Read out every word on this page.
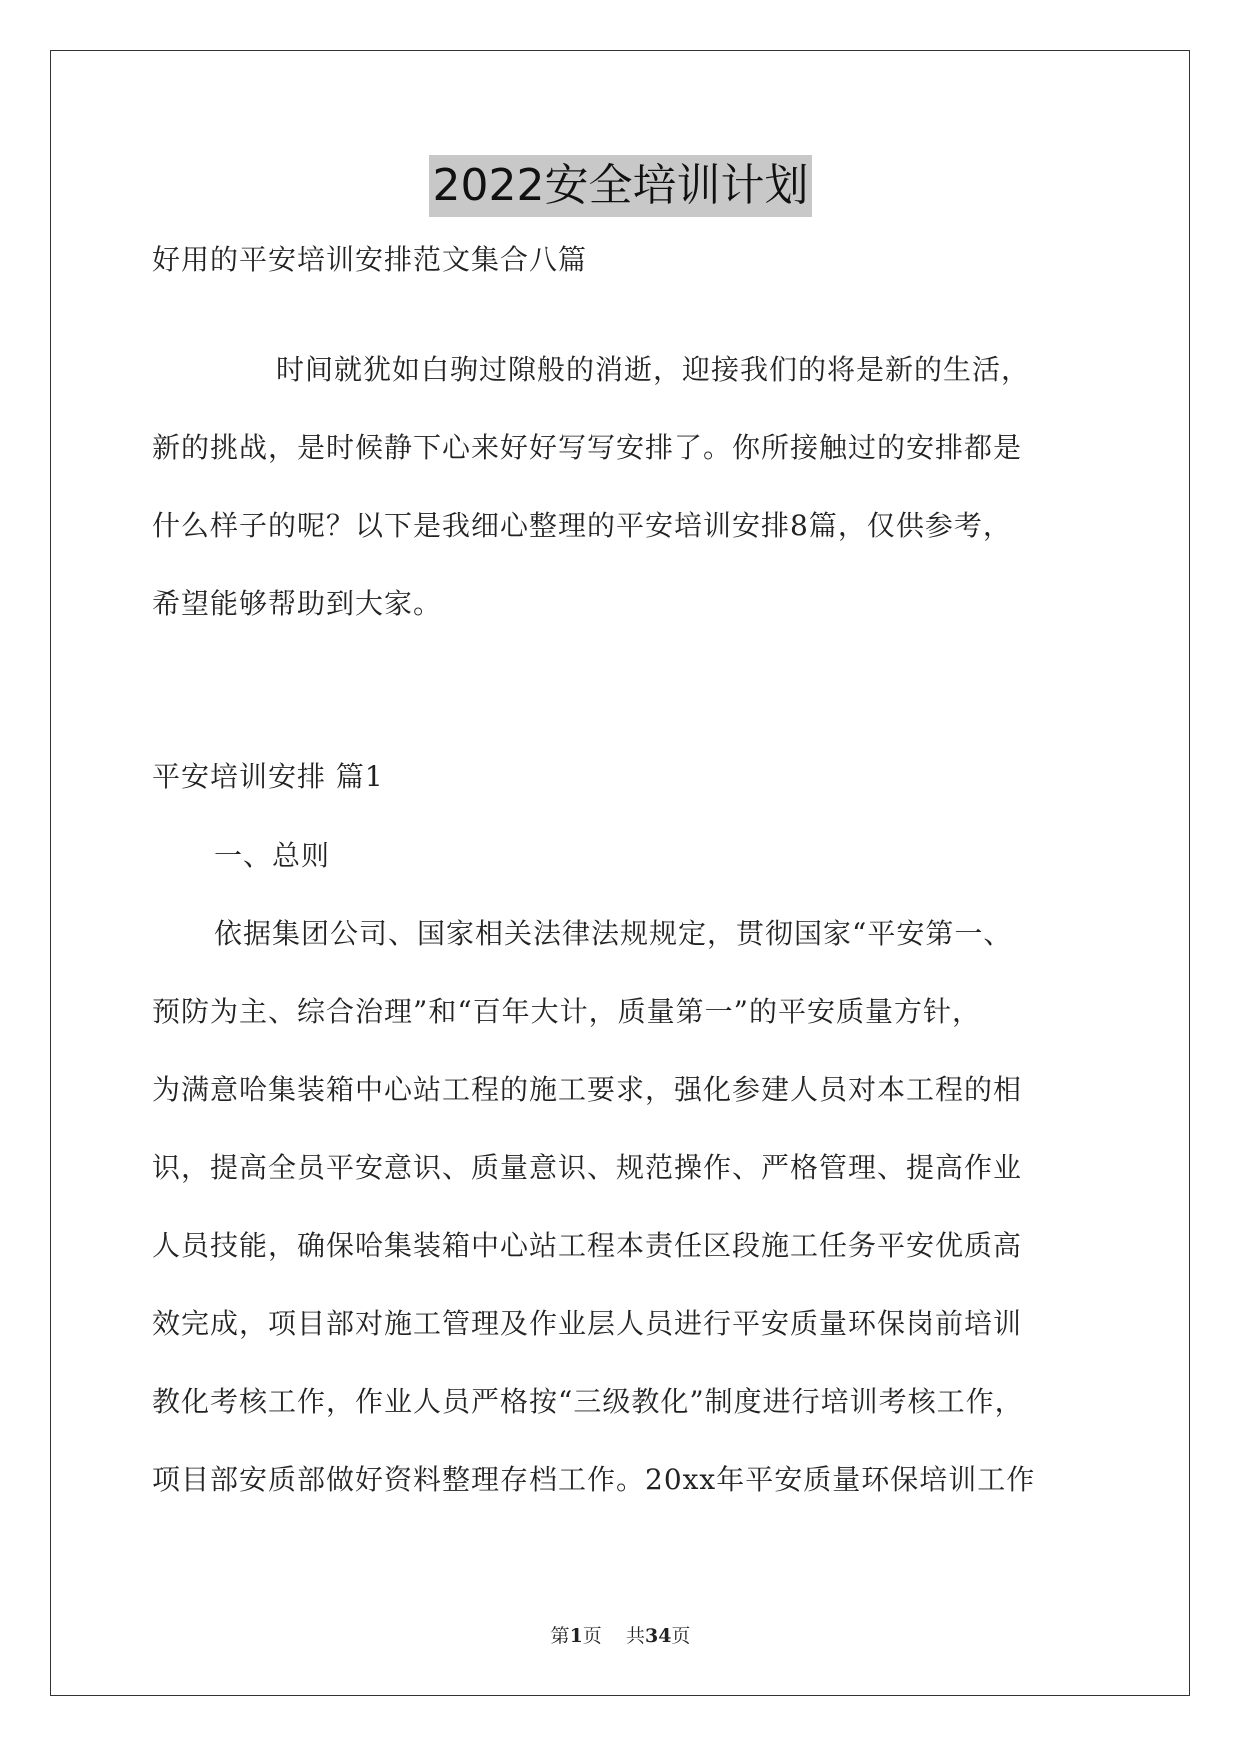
2022安全培训计划
好用的平安培训安排范文集合八篇
时间就犹如白驹过隙般的消逝，迎接我们的将是新的生活，
新的挑战，是时候静下心来好好写写安排了。你所接触过的安排都是
什么样子的呢？以下是我细心整理的平安培训安排8篇，仅供参考，
希望能够帮助到大家。
平安培训安排 篇1
一、总则
依据集团公司、国家相关法律法规规定，贯彻国家“平安第一、
预防为主、综合治理”和“百年大计，质量第一”的平安质量方针，
为满意哈集装箱中心站工程的施工要求，强化参建人员对本工程的相
识，提高全员平安意识、质量意识、规范操作、严格管理、提高作业
人员技能，确保哈集装箱中心站工程本责任区段施工任务平安优质高
效完成，项目部对施工管理及作业层人员进行平安质量环保岗前培训
教化考核工作，作业人员严格按“三级教化”制度进行培训考核工作，
项目部安质部做好资料整理存档工作。20xx年平安质量环保培训工作
第1页    共34页
